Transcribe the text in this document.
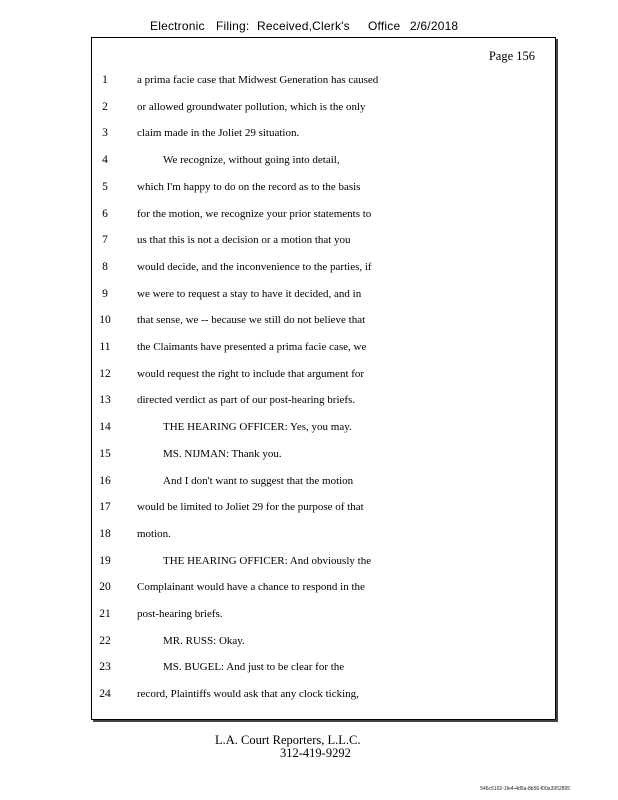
Electronic Filing: Received,Clerk's Office 2/6/2018
Page 156
1	a prima facie case that Midwest Generation has caused
2	or allowed groundwater pollution, which is the only
3	claim made in the Joliet 29 situation.
4	We recognize, without going into detail,
5	which I'm happy to do on the record as to the basis
6	for the motion, we recognize your prior statements to
7	us that this is not a decision or a motion that you
8	would decide, and the inconvenience to the parties, if
9	we were to request a stay to have it decided, and in
10	that sense, we -- because we still do not believe that
11	the Claimants have presented a prima facie case, we
12	would request the right to include that argument for
13	directed verdict as part of our post-hearing briefs.
14	THE HEARING OFFICER: Yes, you may.
15	MS. NIJMAN: Thank you.
16	And I don't want to suggest that the motion
17	would be limited to Joliet 29 for the purpose of that
18	motion.
19	THE HEARING OFFICER: And obviously the
20	Complainant would have a chance to respond in the
21	post-hearing briefs.
22	MR. RUSS: Okay.
23	MS. BUGEL: And just to be clear for the
24	record, Plaintiffs would ask that any clock ticking,
L.A. Court Reporters, L.L.C.
312-419-9292
546c5102-1fe4-4d5a-8b56-f00a3952895
